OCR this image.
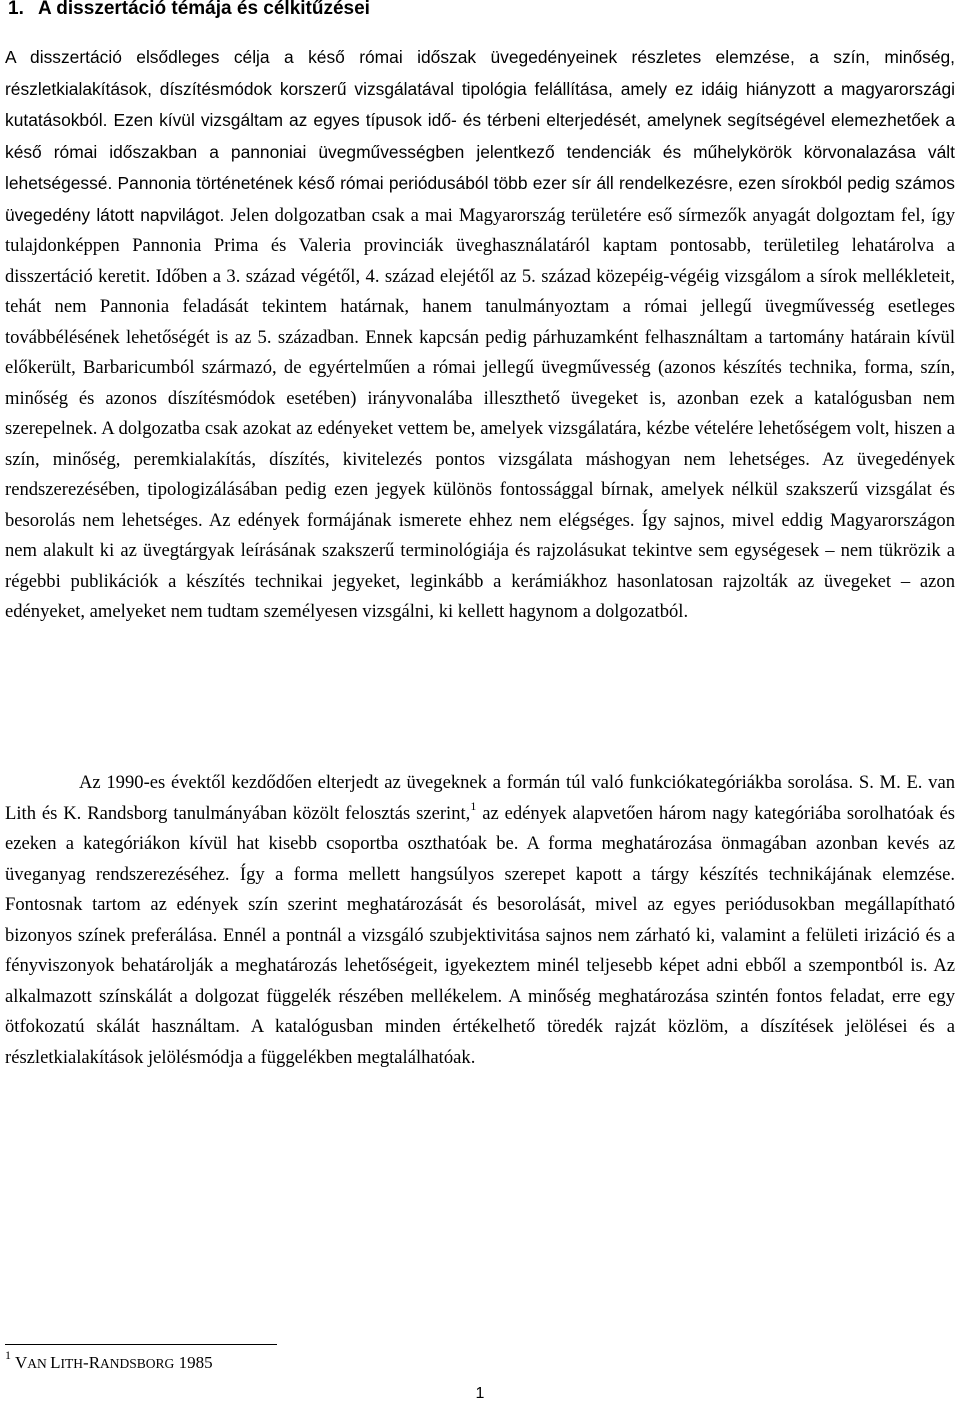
1. A disszertáció témája és célkitűzései

A disszertáció elsődleges célja a késő római időszak üvegedényeinek részletes elemzése, a szín, minőség, részletkialakítások, díszítésmódok korszerű vizsgálatával tipológia felállítása, amely ez idáig hiányzott a magyarországi kutatásokból. Ezen kívül vizsgáltam az egyes típusok idő- és térbeni elterjedését, amelynek segítségével elemezhetőek a késő római időszakban a pannoniai üvegművességben jelentkező tendenciák és műhelykörök körvonalazása vált lehetségessé. Pannonia történetének késő római periódusából több ezer sír áll rendelkezésre, ezen sírokból pedig számos üvegedény látott napvilágot. Jelen dolgozatban csak a mai Magyarország területére eső sírmezők anyagát dolgoztam fel, így tulajdonképpen Pannonia Prima és Valeria provinciák üveghasználatáról kaptam pontosabb, területileg lehatárolva a disszertáció keretit. Időben a 3. század végétől, 4. század elejétől az 5. század közepéig-végéig vizsgálom a sírok mellékleteit, tehát nem Pannonia feladását tekintem határnak, hanem tanulmányoztam a római jellegű üvegművesség esetleges továbbélésének lehetőségét is az 5. században. Ennek kapcsán pedig párhuzamként felhasználtam a tartomány határain kívül előkerült, Barbaricumból származó, de egyértelműen a római jellegű üvegművesség (azonos készítés technika, forma, szín, minőség és azonos díszítésmódok esetében) irányvonalába illeszthető üvegeket is, azonban ezek a katalógusban nem szerepelnek. A dolgozatba csak azokat az edényeket vettem be, amelyek vizsgálatára, kézbe vételére lehetőségem volt, hiszen a szín, minőség, peremkialakítás, díszítés, kivitelezés pontos vizsgálata máshogyan nem lehetséges. Az üvegedények rendszerezésében, tipologizálásában pedig ezen jegyek különös fontossággal bírnak, amelyek nélkül szakszerű vizsgálat és besorolás nem lehetséges. Az edények formájának ismerete ehhez nem elégséges. Így sajnos, mivel eddig Magyarországon nem alakult ki az üvegtárgyak leírásának szakszerű terminológiája és rajzolásukat tekintve sem egységesek – nem tükrözik a régebbi publikációk a készítés technikai jegyeket, leginkább a kerámiákhoz hasonlatosan rajzolták az üvegeket – azon edényeket, amelyeket nem tudtam személyesen vizsgálni, ki kellett hagynom a dolgozatból.

Az 1990-es évektől kezdődően elterjedt az üvegeknek a formán túl való funkciókategóriákba sorolása. S. M. E. van Lith és K. Randsborg tanulmányában közölt felosztás szerint,$^1$ az edények alapvetően három nagy kategóriába sorolhatóak és ezeken a kategóriákon kívül hat kisebb csoportba oszthatóak be. A forma meghatározása önmagában azonban kevés az üveganyag rendszerezéséhez. Így a forma mellett hangsúlyos szerepet kapott a tárgy készítés technikájának elemzése. Fontosnak tartom az edények szín szerint meghatározását és besorolását, mivel az egyes periódusokban megállapítható bizonyos színek preferálása. Ennél a pontnál a vizsgáló szubjektivitása sajnos nem zárható ki, valamint a felületi irizáció és a fényviszonyok behatárolják a meghatározás lehetőségeit, igyekeztem minél teljesebb képet adni ebből a szempontból is. Az alkalmazott színskálát a dolgozat függelék részében mellékelem. A minőség meghatározása szintén fontos feladat, erre egy ötfokozatú skálát használtam. A katalógusban minden értékelhető töredék rajzát közlöm, a díszítések jelölései és a részletkialakítások jelölésmódja a függelékben megtalálhatóak.

$^1$ VAN LITH-RANDSBORG 1985

1
